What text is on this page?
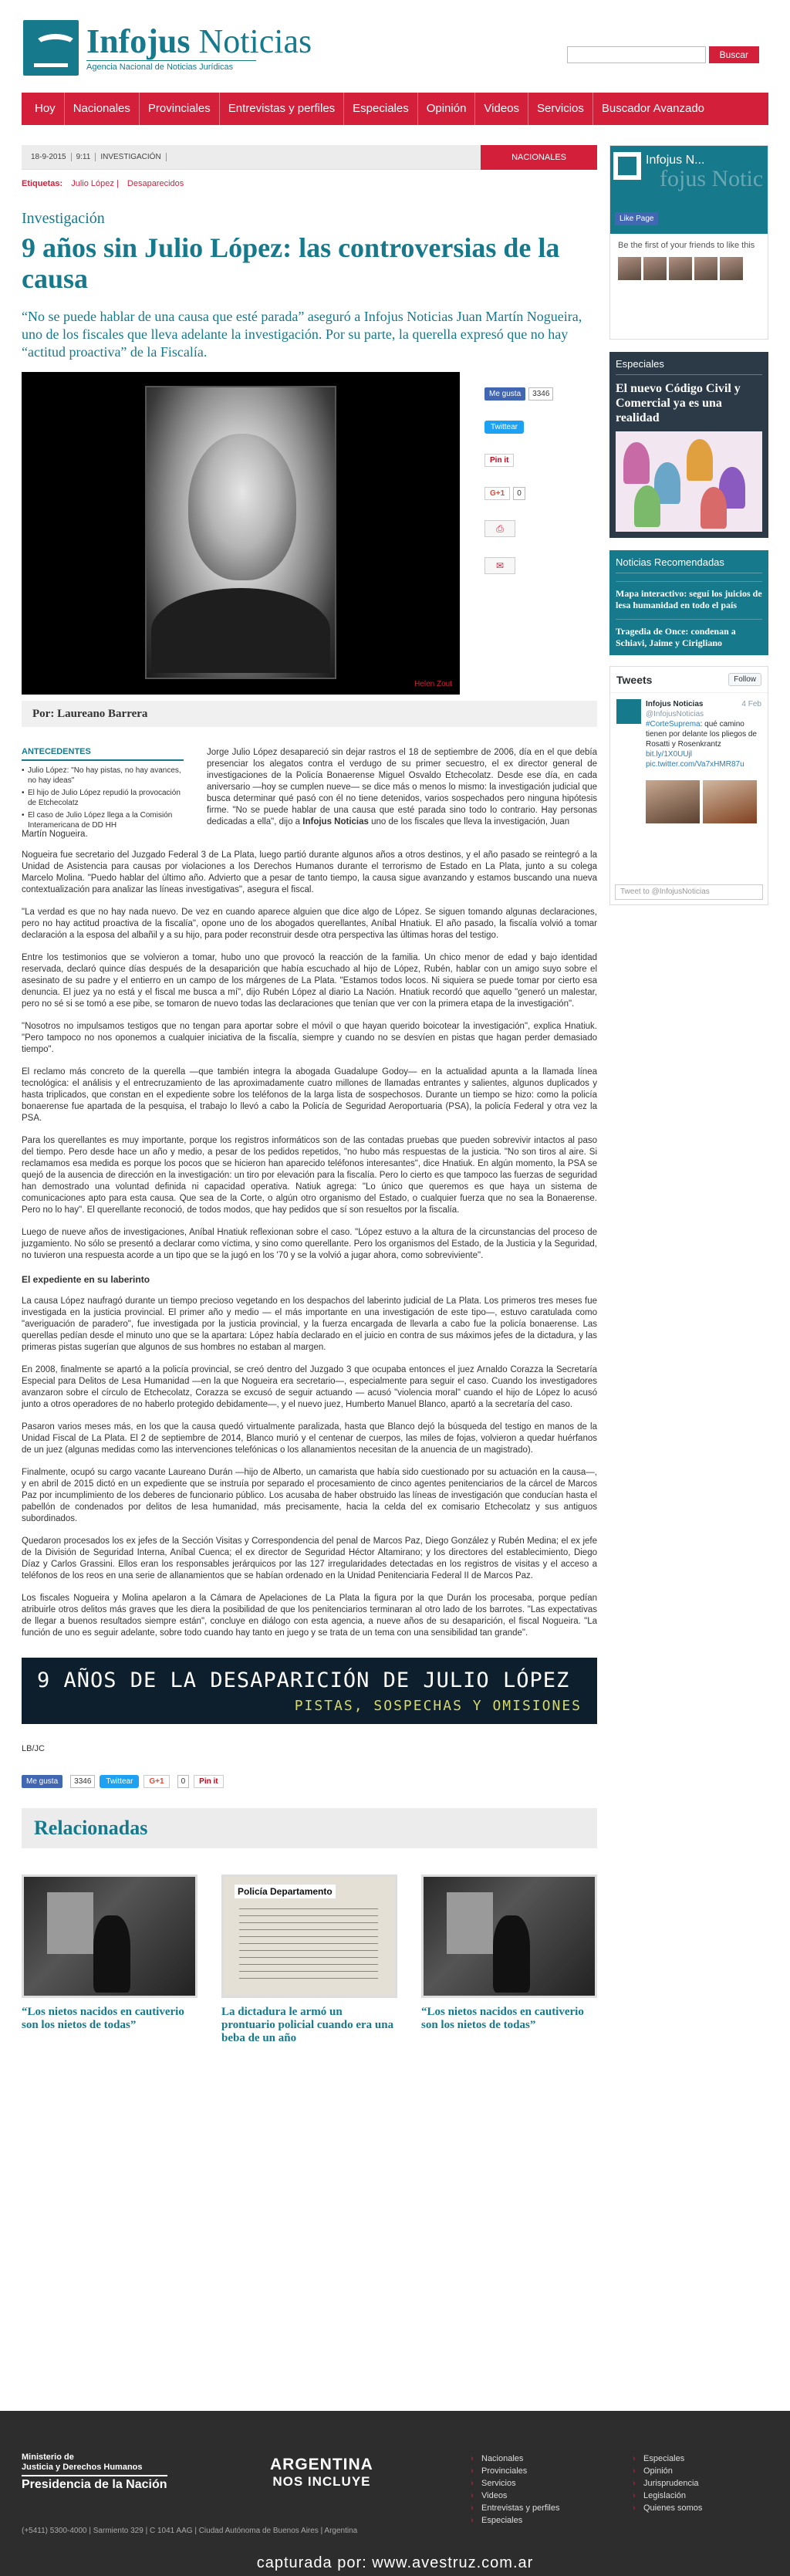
Infojus Noticias
Agencia Nacional de Noticias Jurídicas
Buscar
Hoy	Nacionales	Provinciales	Entrevistas y perfiles	Especiales	Opinión	Videos	Servicios	Buscador Avanzado
18-9-2015	9:11	INVESTIGACIÓN	NACIONALES
Etiquetas: Julio López | Desaparecidos
Investigación
9 años sin Julio López: las controversias de la causa

“No se puede hablar de una causa que esté parada” aseguró a Infojus Noticias Juan Martín Nogueira, uno de los fiscales que lleva adelante la investigación. Por su parte, la querella expresó que no hay “actitud proactiva” de la Fiscalía.

Helen Zout
Me gusta	3346
Twittear
Pin it
G+1	0
⎙
✉
Por: Laureano Barrera
ANTECEDENTES
• Julio López: "No hay pistas, no hay avances, no hay ideas"
• El hijo de Julio López repudió la provocación de Etchecolatz
• El caso de Julio López llega a la Comisión Interamericana de DD HH

Jorge Julio López desapareció sin dejar rastros el 18 de septiembre de 2006, día en el que debía presenciar los alegatos contra el verdugo de su primer secuestro, el ex director general de investigaciones de la Policía Bonaerense Miguel Osvaldo Etchecolatz. Desde ese día, en cada aniversario —hoy se cumplen nueve— se dice más o menos lo mismo: la investigación judicial que busca determinar qué pasó con él no tiene detenidos, varios sospechados pero ninguna hipótesis firme. "No se puede hablar de una causa que esté parada sino todo lo contrario. Hay personas dedicadas a ella", dijo a Infojus Noticias uno de los fiscales que lleva la investigación, Juan

Martín Nogueira.

Nogueira fue secretario del Juzgado Federal 3 de La Plata, luego partió durante algunos años a otros destinos, y el año pasado se reintegró a la Unidad de Asistencia para causas por violaciones a los Derechos Humanos durante el terrorismo de Estado en La Plata, junto a su colega Marcelo Molina. "Puedo hablar del último año. Advierto que a pesar de tanto tiempo, la causa sigue avanzando y estamos buscando una nueva contextualización para analizar las líneas investigativas", asegura el fiscal.

"La verdad es que no hay nada nuevo. De vez en cuando aparece alguien que dice algo de López. Se siguen tomando algunas declaraciones, pero no hay actitud proactiva de la fiscalía", opone uno de los abogados querellantes, Aníbal Hnatiuk. El año pasado, la fiscalía volvió a tomar declaración a la esposa del albañil y a su hijo, para poder reconstruir desde otra perspectiva las últimas horas del testigo.

Entre los testimonios que se volvieron a tomar, hubo uno que provocó la reacción de la familia. Un chico menor de edad y bajo identidad reservada, declaró quince días después de la desaparición que había escuchado al hijo de López, Rubén, hablar con un amigo suyo sobre el asesinato de su padre y el entierro en un campo de los márgenes de La Plata. "Estamos todos locos. Ni siquiera se puede tomar por cierto esa denuncia. El juez ya no está y el fiscal me busca a mí", dijo Rubén López al diario La Nación. Hnatiuk recordó que aquello "generó un malestar, pero no sé si se tomó a ese pibe, se tomaron de nuevo todas las declaraciones que tenían que ver con la primera etapa de la investigación".

"Nosotros no impulsamos testigos que no tengan para aportar sobre el móvil o que hayan querido boicotear la investigación", explica Hnatiuk. "Pero tampoco no nos oponemos a cualquier iniciativa de la fiscalía, siempre y cuando no se desvíen en pistas que hagan perder demasiado tiempo".

El reclamo más concreto de la querella —que también integra la abogada Guadalupe Godoy— en la actualidad apunta a la llamada línea tecnológica: el análisis y el entrecruzamiento de las aproximadamente cuatro millones de llamadas entrantes y salientes, algunos duplicados y hasta triplicados, que constan en el expediente sobre los teléfonos de la larga lista de sospechosos. Durante un tiempo se hizo: como la policía bonaerense fue apartada de la pesquisa, el trabajo lo llevó a cabo la Policía de Seguridad Aeroportuaria (PSA), la policía Federal y otra vez la PSA.

Para los querellantes es muy importante, porque los registros informáticos son de las contadas pruebas que pueden sobrevivir intactos al paso del tiempo. Pero desde hace un año y medio, a pesar de los pedidos repetidos, "no hubo más respuestas de la justicia. "No son tiros al aire. Si reclamamos esa medida es porque los pocos que se hicieron han aparecido teléfonos interesantes", dice Hnatiuk. En algún momento, la PSA se quejó de la ausencia de dirección en la investigación: un tiro por elevación para la fiscalía. Pero lo cierto es que tampoco las fuerzas de seguridad han demostrado una voluntad definida ni capacidad operativa. Natiuk agrega: "Lo único que queremos es que haya un sistema de comunicaciones apto para esta causa. Que sea de la Corte, o algún otro organismo del Estado, o cualquier fuerza que no sea la Bonaerense. Pero no lo hay". El querellante reconoció, de todos modos, que hay pedidos que sí son resueltos por la fiscalía.

Luego de nueve años de investigaciones, Aníbal Hnatiuk reflexionan sobre el caso. "López estuvo a la altura de la circunstancias del proceso de juzgamiento. No sólo se presentó a declarar como víctima, y sino como querellante. Pero los organismos del Estado, de la Justicia y la Seguridad, no tuvieron una respuesta acorde a un tipo que se la jugó en los '70 y se la volvió a jugar ahora, como sobreviviente".

El expediente en su laberinto

La causa López naufragó durante un tiempo precioso vegetando en los despachos del laberinto judicial de La Plata. Los primeros tres meses fue investigada en la justicia provincial. El primer año y medio — el más importante en una investigación de este tipo—, estuvo caratulada como "averiguación de paradero", fue investigada por la justicia provincial, y la fuerza encargada de llevarla a cabo fue la policía bonaerense. Las querellas pedían desde el minuto uno que se la apartara: López había declarado en el juicio en contra de sus máximos jefes de la dictadura, y las primeras pistas sugerían que algunos de sus hombres no estaban al margen.

En 2008, finalmente se apartó a la policía provincial, se creó dentro del Juzgado 3 que ocupaba entonces el juez Arnaldo Corazza la Secretaría Especial para Delitos de Lesa Humanidad —en la que Nogueira era secretario—, especialmente para seguir el caso. Cuando los investigadores avanzaron sobre el círculo de Etchecolatz, Corazza se excusó de seguir actuando — acusó "violencia moral" cuando el hijo de López lo acusó junto a otros operadores de no haberlo protegido debidamente—, y el nuevo juez, Humberto Manuel Blanco, apartó a la secretaría del caso.

Pasaron varios meses más, en los que la causa quedó virtualmente paralizada, hasta que Blanco dejó la búsqueda del testigo en manos de la Unidad Fiscal de La Plata. El 2 de septiembre de 2014, Blanco murió y el centenar de cuerpos, las miles de fojas, volvieron a quedar huérfanos de un juez (algunas medidas como las intervenciones telefónicas o los allanamientos necesitan de la anuencia de un magistrado).

Finalmente, ocupó su cargo vacante Laureano Durán —hijo de Alberto, un camarista que había sido cuestionado por su actuación en la causa—, y en abril de 2015 dictó en un expediente que se instruía por separado el procesamiento de cinco agentes penitenciarios de la cárcel de Marcos Paz por incumplimiento de los deberes de funcionario público. Los acusaba de haber obstruido las líneas de investigación que conducían hasta el pabellón de condenados por delitos de lesa humanidad, más precisamente, hacia la celda del ex comisario Etchecolatz y sus antiguos subordinados.

Quedaron procesados los ex jefes de la Sección Visitas y Correspondencia del penal de Marcos Paz, Diego González y Rubén Medina; el ex jefe de la División de Seguridad Interna, Aníbal Cuenca; el ex director de Seguridad Héctor Altamirano; y los directores del establecimiento, Diego Díaz y Carlos Grassini. Ellos eran los responsables jerárquicos por las 127 irregularidades detectadas en los registros de visitas y el acceso a teléfonos de los reos en una serie de allanamientos que se habían ordenado en la Unidad Penitenciaria Federal II de Marcos Paz.

Los fiscales Nogueira y Molina apelaron a la Cámara de Apelaciones de La Plata la figura por la que Durán los procesaba, porque pedían atribuirle otros delitos más graves que les diera la posibilidad de que los penitenciarios terminaran al otro lado de los barrotes. "Las expectativas de llegar a buenos resultados siempre están", concluye en diálogo con esta agencia, a nueve años de su desaparición, el fiscal Nogueira. "La función de uno es seguir adelante, sobre todo cuando hay tanto en juego y se trata de un tema con una sensibilidad tan grande".

9 AÑOS DE LA DESAPARICIÓN DE JULIO LÓPEZ
PISTAS, SOSPECHAS Y OMISIONES
LB/JC
Me gusta	3346	Twittear	G+1	0	Pin it
Relacionadas
“Los nietos nacidos en cautiverio son los nietos de todas”
Policía Departamento
La dictadura le armó un prontuario policial cuando era una beba de un año
“Los nietos nacidos en cautiverio son los nietos de todas”
Infojus N...
fojus Notic
Like Page
Be the first of your friends to like this
Especiales
El nuevo Código Civil y Comercial ya es una realidad
Noticias Recomendadas
Mapa interactivo: seguí los juicios de lesa humanidad en todo el país
Tragedia de Once: condenan a Schiavi, Jaime y Cirigliano
Tweets	Follow
4 Feb
Infojus Noticias
@InfojusNoticias
#CorteSuprema: qué camino tienen por delante los pliegos de Rosatti y Rosenkrantz bit.ly/1X0UUjl pic.twitter.com/Va7xHMR87u
Tweet to @InfojusNoticias
Ministerio de
Justicia y Derechos Humanos
Presidencia de la Nación
ARGENTINA
NOS INCLUYE
› Nacionales
› Provinciales
› Servicios
› Videos
› Entrevistas y perfiles
› Especiales
› Especiales
› Opinión
› Jurisprudencia
› Legislación
› Quienes somos
(+5411) 5300-4000 | Sarmiento 329 | C 1041 AAG | Ciudad Autónoma de Buenos Aires | Argentina
capturada por: www.avestruz.com.ar
